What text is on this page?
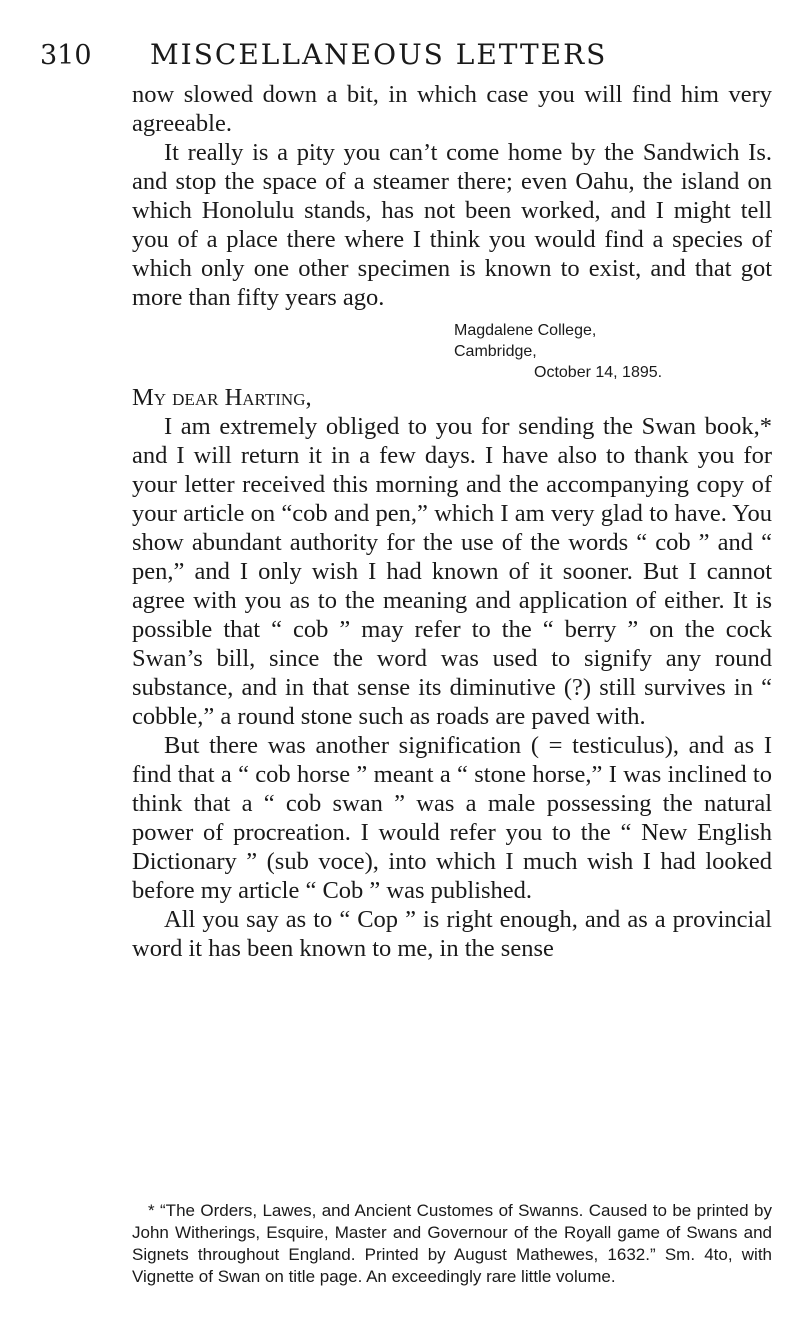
310 MISCELLANEOUS LETTERS

now slowed down a bit, in which case you will find him very agreeable.

It really is a pity you can’t come home by the Sandwich Is. and stop the space of a steamer there; even Oahu, the island on which Honolulu stands, has not been worked, and I might tell you of a place there where I think you would find a species of which only one other specimen is known to exist, and that got more than fifty years ago.

Magdalene College,
Cambridge,
October 14, 1895.

My dear Harting,

I am extremely obliged to you for sending the Swan book,* and I will return it in a few days. I have also to thank you for your letter received this morning and the accompanying copy of your article on “cob and pen,” which I am very glad to have. You show abundant authority for the use of the words “ cob ” and “ pen,” and I only wish I had known of it sooner. But I cannot agree with you as to the meaning and application of either. It is possible that “ cob ” may refer to the “ berry ” on the cock Swan’s bill, since the word was used to signify any round substance, and in that sense its diminutive (?) still survives in “ cobble,” a round stone such as roads are paved with.

But there was another signification ( = testiculus), and as I find that a “ cob horse ” meant a “ stone horse,” I was inclined to think that a “ cob swan ” was a male possessing the natural power of procreation. I would refer you to the “ New English Dictionary ” (sub voce), into which I much wish I had looked before my article “ Cob ” was published.

All you say as to “ Cop ” is right enough, and as a provincial word it has been known to me, in the sense

* “The Orders, Lawes, and Ancient Customes of Swanns. Caused to be printed by John Witherings, Esquire, Master and Governour of the Royall game of Swans and Signets throughout England. Printed by August Mathewes, 1632.” Sm. 4to, with Vignette of Swan on title page. An exceedingly rare little volume.
